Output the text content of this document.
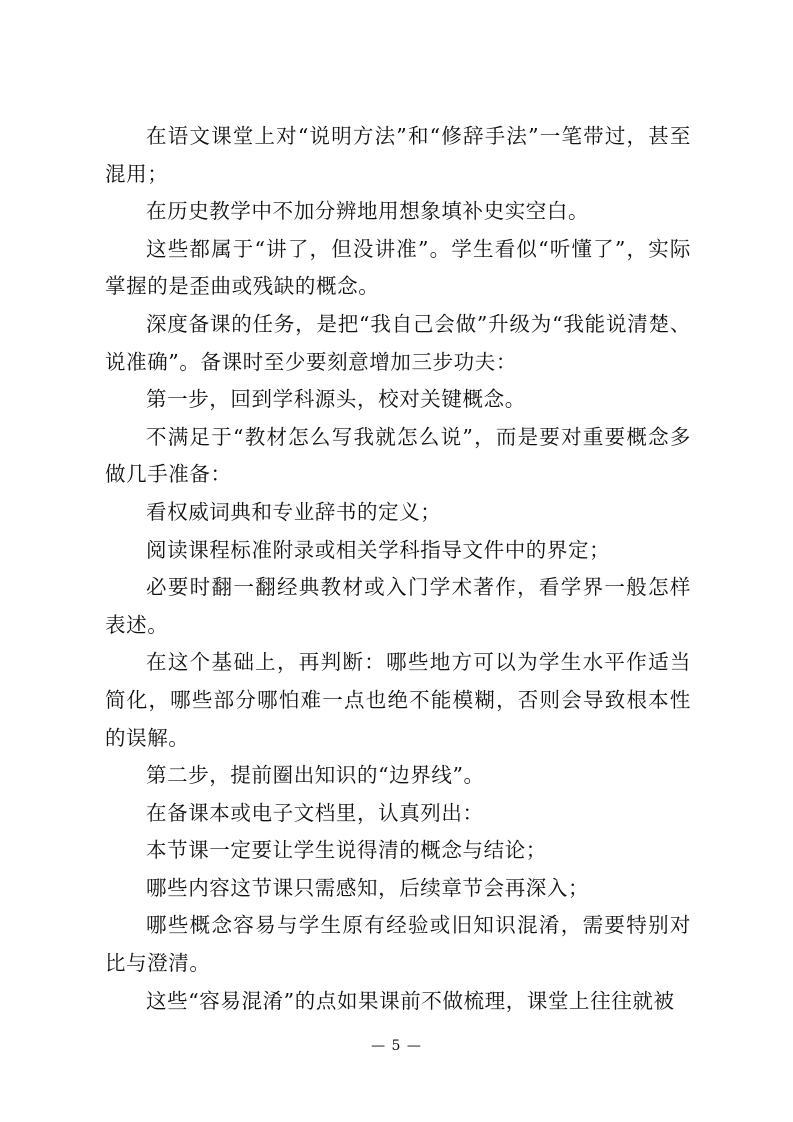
在语文课堂上对“说明方法”和“修辞手法”一笔带过，甚至混用；

在历史教学中不加分辨地用想象填补史实空白。

这些都属于“讲了，但没讲准”。学生看似“听懂了”，实际掌握的是歪曲或残缺的概念。

深度备课的任务，是把“我自己会做”升级为“我能说清楚、说准确”。备课时至少要刻意增加三步功夫：

第一步，回到学科源头，校对关键概念。

不满足于“教材怎么写我就怎么说”，而是要对重要概念多做几手准备：

看权威词典和专业辞书的定义；

阅读课程标准附录或相关学科指导文件中的界定；

必要时翻一翻经典教材或入门学术著作，看学界一般怎样表述。

在这个基础上，再判断：哪些地方可以为学生水平作适当简化，哪些部分哪怕难一点也绝不能模糊，否则会导致根本性的误解。

第二步，提前圈出知识的“边界线”。

在备课本或电子文档里，认真列出：

本节课一定要让学生说得清的概念与结论；

哪些内容这节课只需感知，后续章节会再深入；

哪些概念容易与学生原有经验或旧知识混淆，需要特别对比与澄清。

这些“容易混淆”的点如果课前不做梳理，课堂上往往就被

— 5 —
